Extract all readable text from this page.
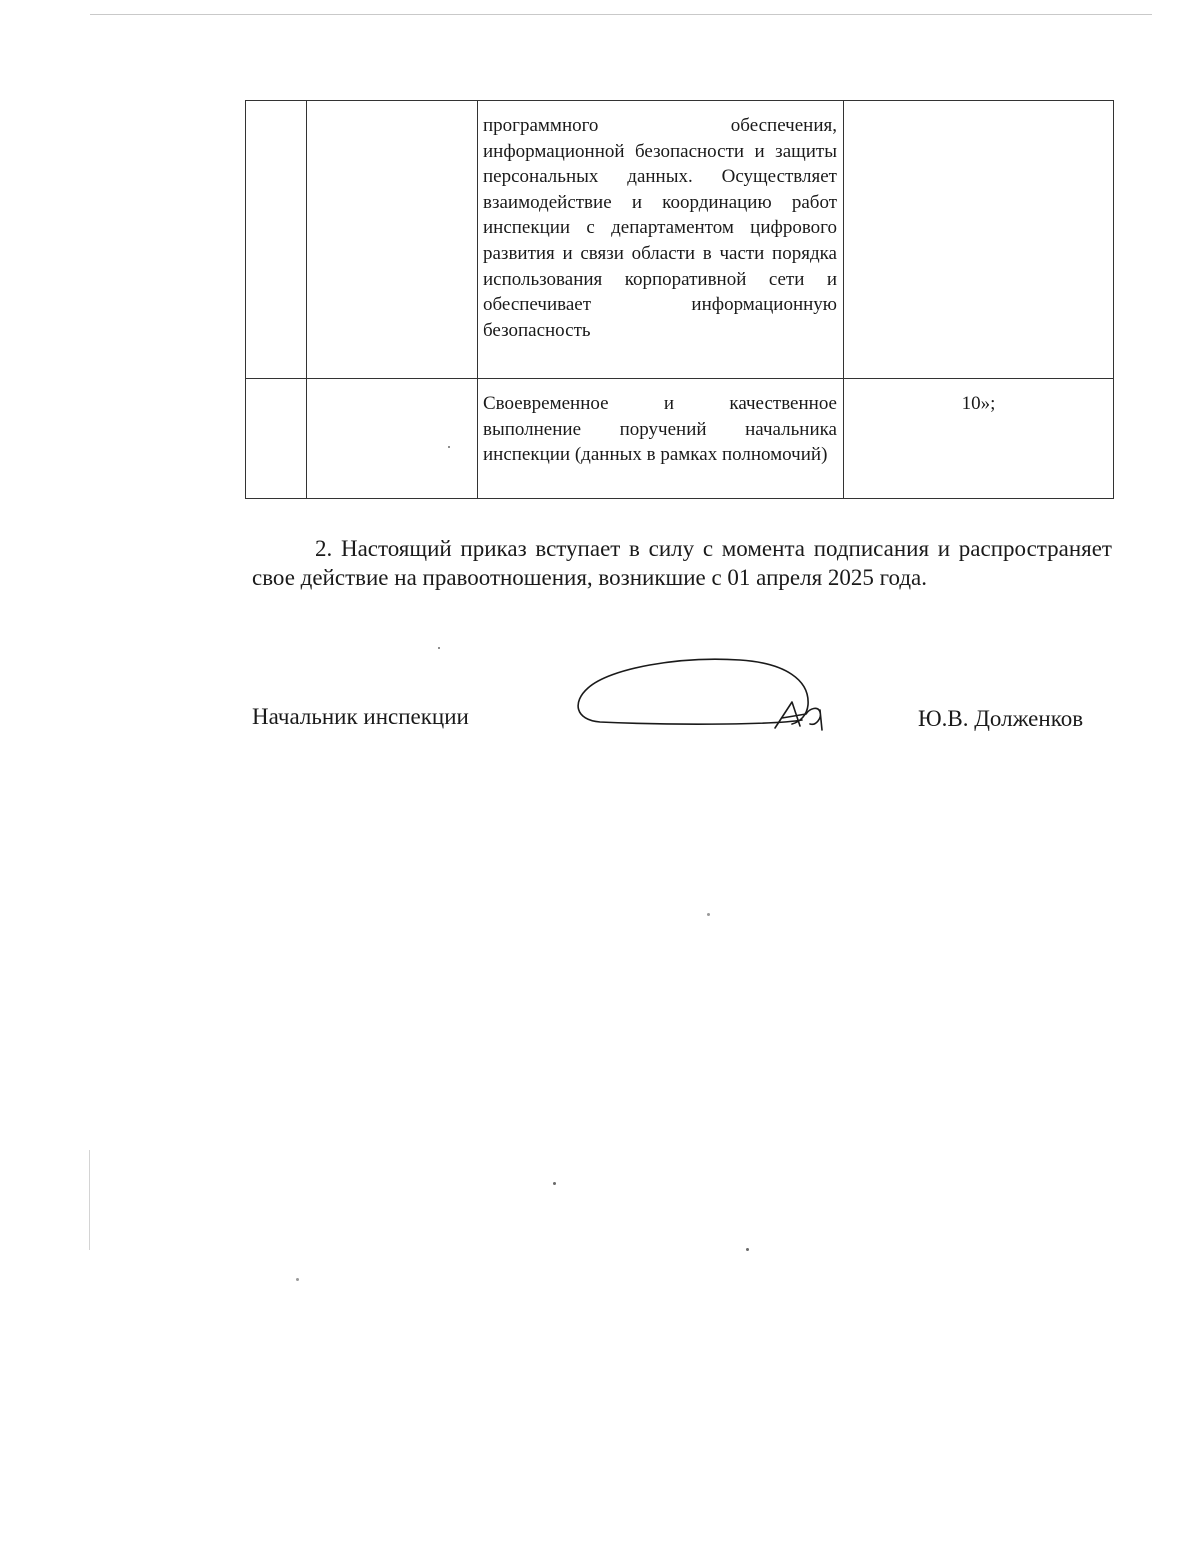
		программного обеспечения, информационной безопасности и защиты персональных данных. Осуществляет взаимодействие и координацию работ инспекции с департаментом цифрового развития и связи области в части порядка использования корпоративной сети и обеспечивает информационную безопасность	

		Своевременное и качественное выполнение поручений начальника инспекции (данных в рамках полномочий)	10»;
2. Настоящий приказ вступает в силу с момента подписания и распространяет свое действие на правоотношения, возникшие с 01 апреля 2025 года.
Начальник инспекции	Ю.В. Долженков
